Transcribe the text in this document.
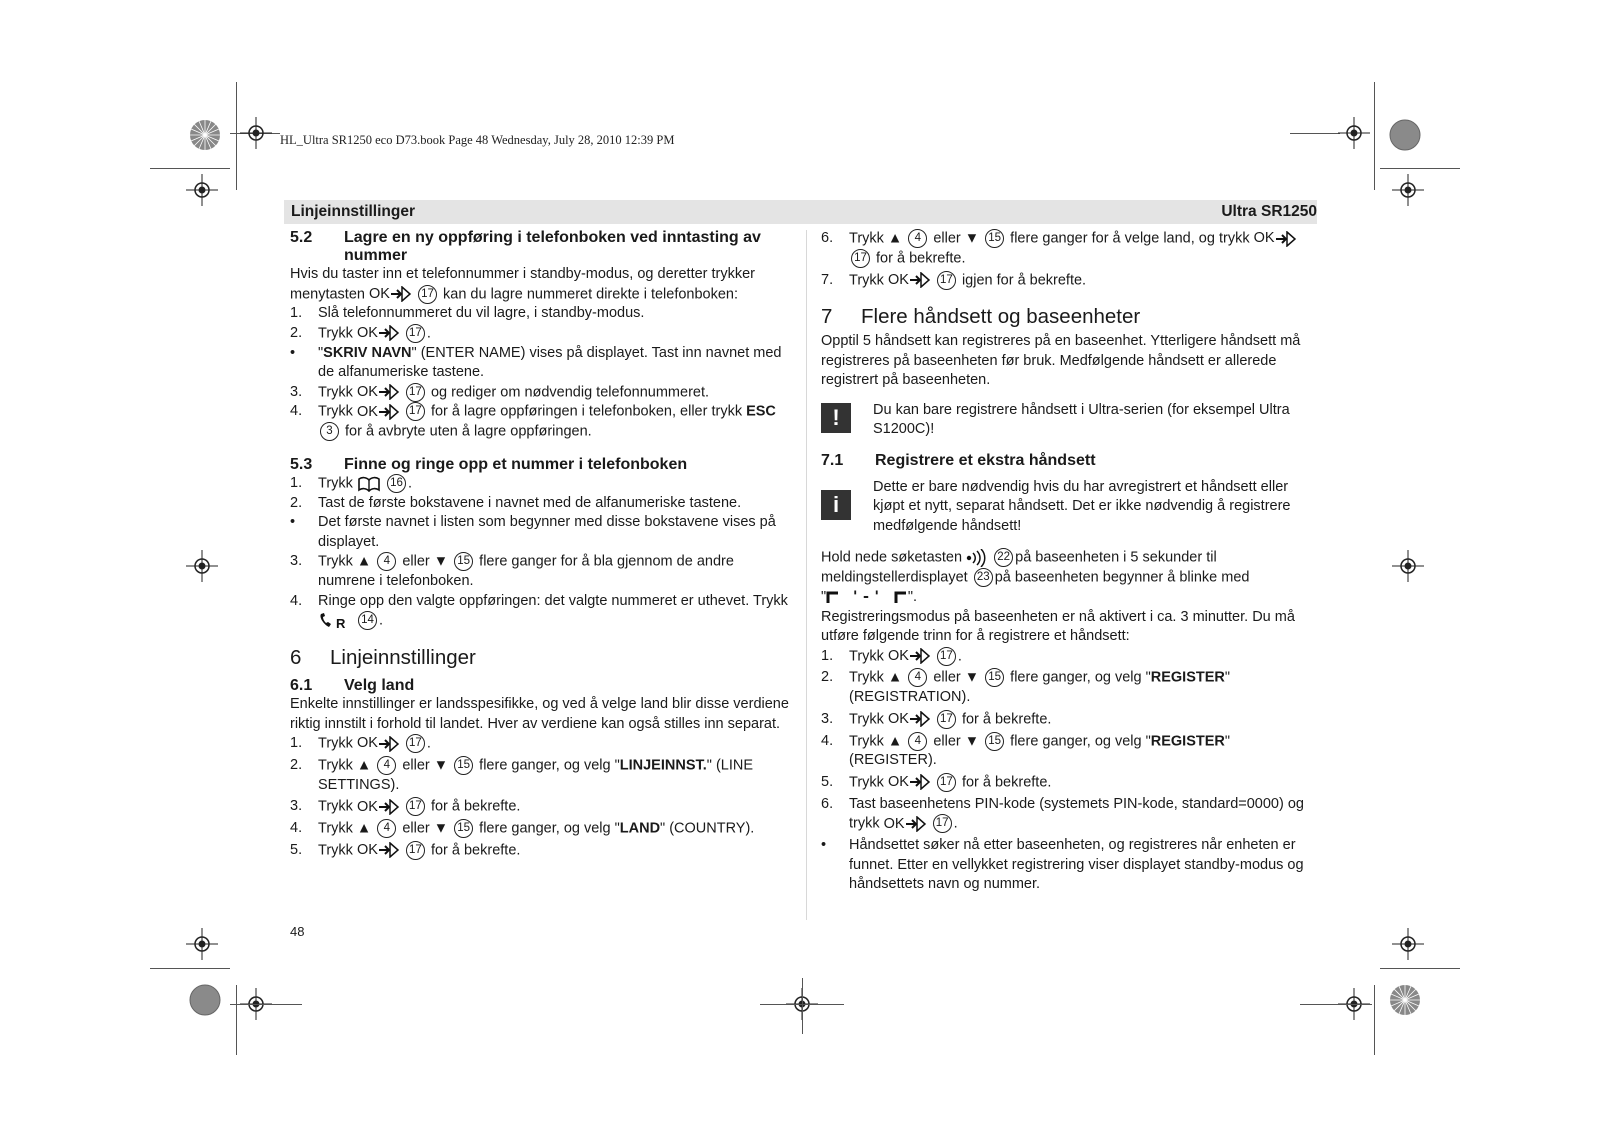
HL_Ultra SR1250 eco D73.book Page 48 Wednesday, July 28, 2010 12:39 PM
Linjeinnstillinger	Ultra SR1250
5.2	Lagre en ny oppføring i telefonboken ved inntasting av nummer

Hvis du taster inn et telefonnummer i standby-modus, og deretter trykker menytasten OK	17 kan du lagre nummeret direkte i telefonboken:

1.	Slå telefonnummeret du vil lagre, i standby-modus.
2.	Trykk OK	17 .
•	"SKRIV NAVN" (ENTER NAME) vises på displayet. Tast inn navnet med de alfanumeriske tastene.
3.	Trykk OK	17 og rediger om nødvendig telefonnummeret.
4.	Trykk OK	17 for å lagre oppføringen i telefonboken, eller trykk ESC 3 for å avbryte uten å lagre oppføringen.
5.3	Finne og ringe opp et nummer i telefonboken
1.	Trykk	16 .
2.	Tast de første bokstavene i navnet med de alfanumeriske tastene.
•	Det første navnet i listen som begynner med disse bokstavene vises på displayet.
3.	Trykk ▲ 4 eller ▼ 15 flere ganger for å bla gjennom de andre numrene i telefonboken.
4.	Ringe opp den valgte oppføringen: det valgte nummeret er uthevet. Trykk
R 14 .
6	Linjeinnstillinger
6.1	Velg land

Enkelte innstillinger er landsspesifikke, og ved å velge land blir disse verdiene riktig innstilt i forhold til landet. Hver av verdiene kan også stilles inn separat.

1.	Trykk OK	17 .
2.	Trykk ▲ 4 eller ▼ 15 flere ganger, og velg "LINJEINNST." (LINE SETTINGS).
3.	Trykk OK	17 for å bekrefte.
4.	Trykk ▲ 4 eller ▼ 15 flere ganger, og velg "LAND" (COUNTRY).
5.	Trykk OK	17 for å bekrefte.
6.	Trykk ▲ 4 eller ▼ 15 flere ganger for å velge land, og trykk OK 17 for å bekrefte.
7.	Trykk OK	17 igjen for å bekrefte.
7	Flere håndsett og baseenheter

Opptil 5 håndsett kan registreres på en baseenhet. Ytterligere håndsett må registreres på baseenheten før bruk. Medfølgende håndsett er allerede registrert på baseenheten.

!	Du kan bare registrere håndsett i Ultra-serien (for eksempel Ultra S1200C)!
7.1	Registrere et ekstra håndsett
i
Dette er bare nødvendig hvis du har avregistrert et håndsett eller kjøpt et nytt, separat håndsett. Det er ikke nødvendig å registrere medfølgende håndsett!

Hold nede søketasten	22 på baseenheten i 5 sekunder til meldingstellerdisplayet 23 på baseenheten begynner å blinke med
" '-' ".

Registreringsmodus på baseenheten er nå aktivert i ca. 3 minutter. Du må utføre følgende trinn for å registrere et håndsett:

1.	Trykk OK	17 .
2.	Trykk ▲ 4 eller ▼ 15 flere ganger, og velg "REGISTER" (REGISTRATION).
3.	Trykk OK	17 for å bekrefte.
4.	Trykk ▲ 4 eller ▼ 15 flere ganger, og velg "REGISTER" (REGISTER).
5.	Trykk OK	17 for å bekrefte.
6.	Tast baseenhetens PIN-kode (systemets PIN-kode, standard=0000) og trykk OK	17 .
•	Håndsettet søker nå etter baseenheten, og registreres når enheten er funnet. Etter en vellykket registrering viser displayet standby-modus og håndsettets navn og nummer.
48
